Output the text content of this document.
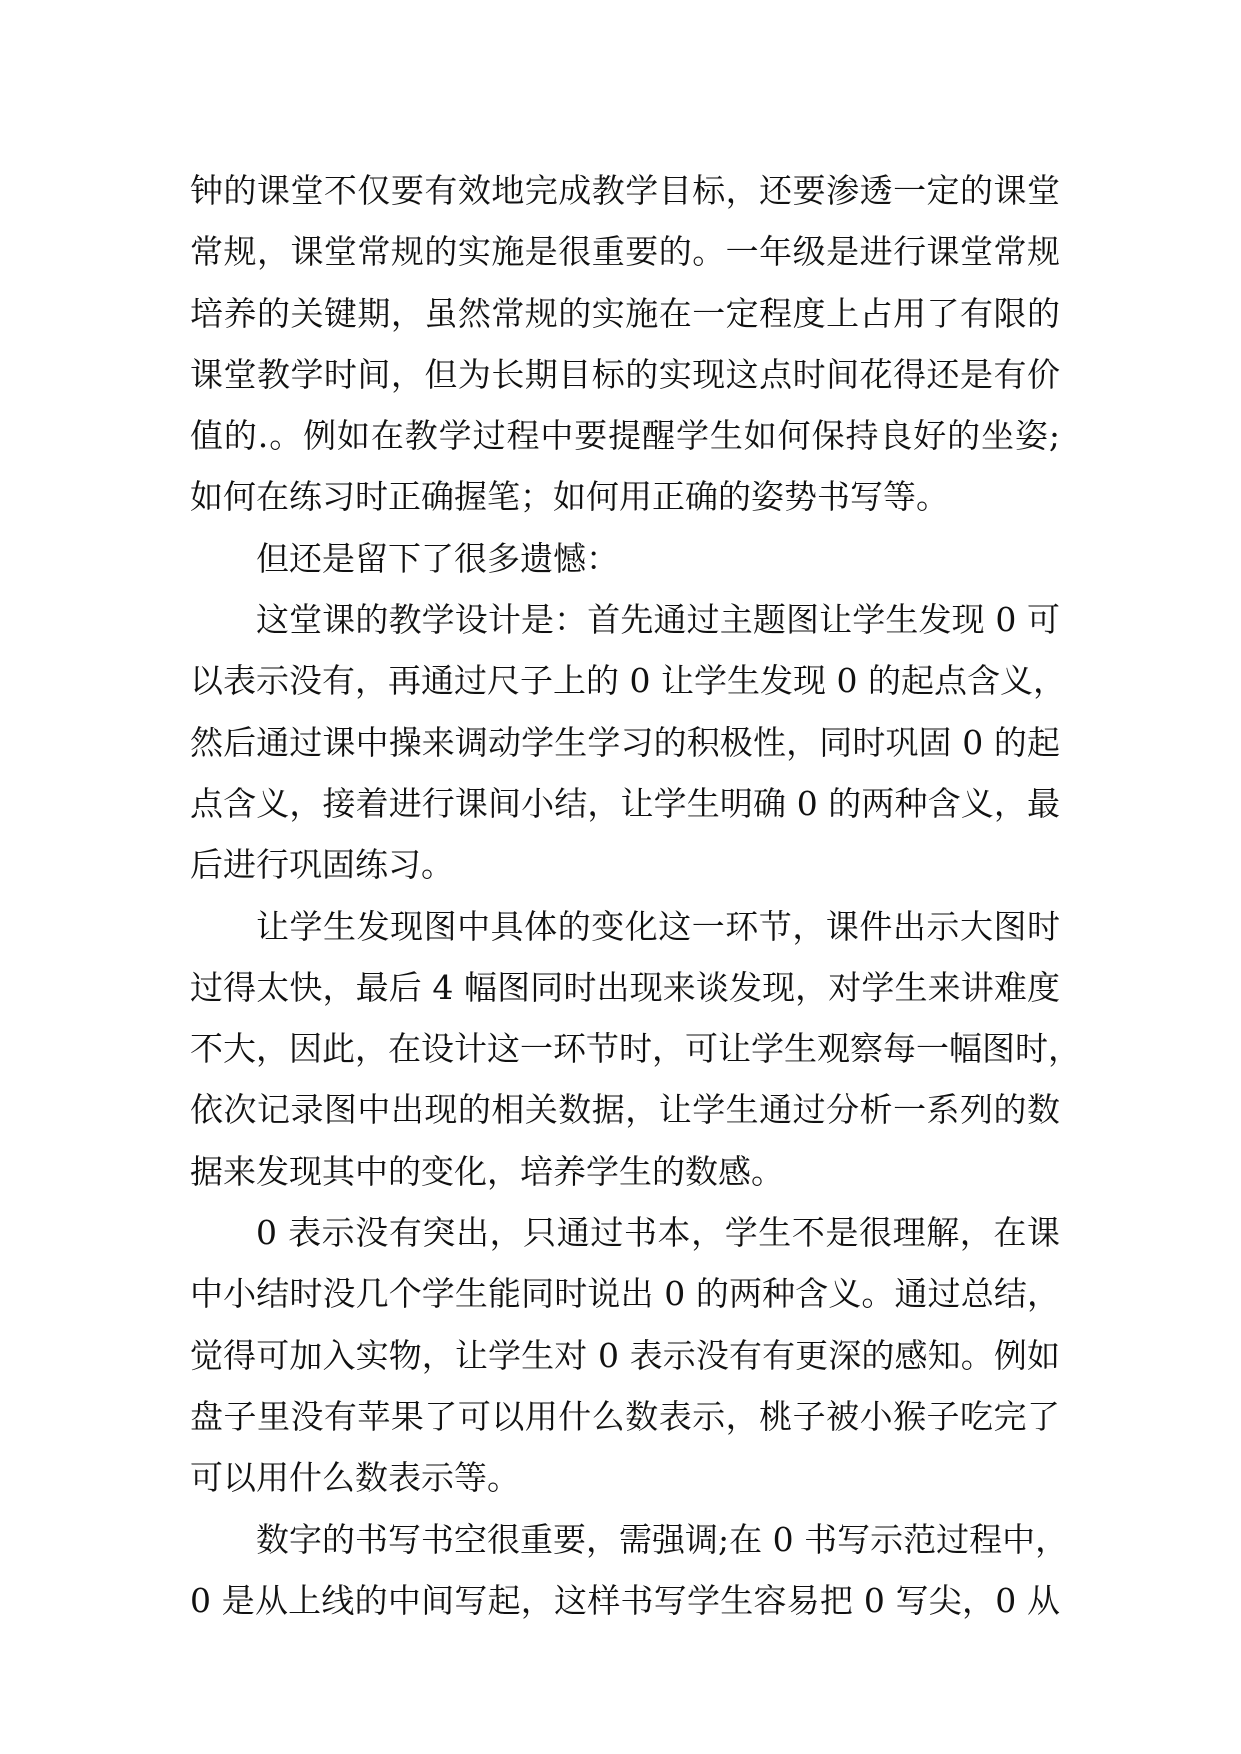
钟的课堂不仅要有效地完成教学目标，还要渗透一定的课堂
常规，课堂常规的实施是很重要的。一年级是进行课堂常规
培养的关键期，虽然常规的实施在一定程度上占用了有限的
课堂教学时间，但为长期目标的实现这点时间花得还是有价
值的.。例如在教学过程中要提醒学生如何保持良好的坐姿;
如何在练习时正确握笔；如何用正确的姿势书写等。
但还是留下了很多遗憾：
这堂课的教学设计是：首先通过主题图让学生发现 0 可
以表示没有，再通过尺子上的 0 让学生发现 0 的起点含义，
然后通过课中操来调动学生学习的积极性，同时巩固 0 的起
点含义，接着进行课间小结，让学生明确 0 的两种含义，最
后进行巩固练习。
让学生发现图中具体的变化这一环节，课件出示大图时
过得太快，最后 4 幅图同时出现来谈发现，对学生来讲难度
不大，因此，在设计这一环节时，可让学生观察每一幅图时，
依次记录图中出现的相关数据，让学生通过分析一系列的数
据来发现其中的变化，培养学生的数感。
0 表示没有突出，只通过书本，学生不是很理解，在课
中小结时没几个学生能同时说出 0 的两种含义。通过总结，
觉得可加入实物，让学生对 0 表示没有有更深的感知。例如
盘子里没有苹果了可以用什么数表示，桃子被小猴子吃完了
可以用什么数表示等。
数字的书写书空很重要，需强调;在 0 书写示范过程中，
0 是从上线的中间写起，这样书写学生容易把 0 写尖，0 从
